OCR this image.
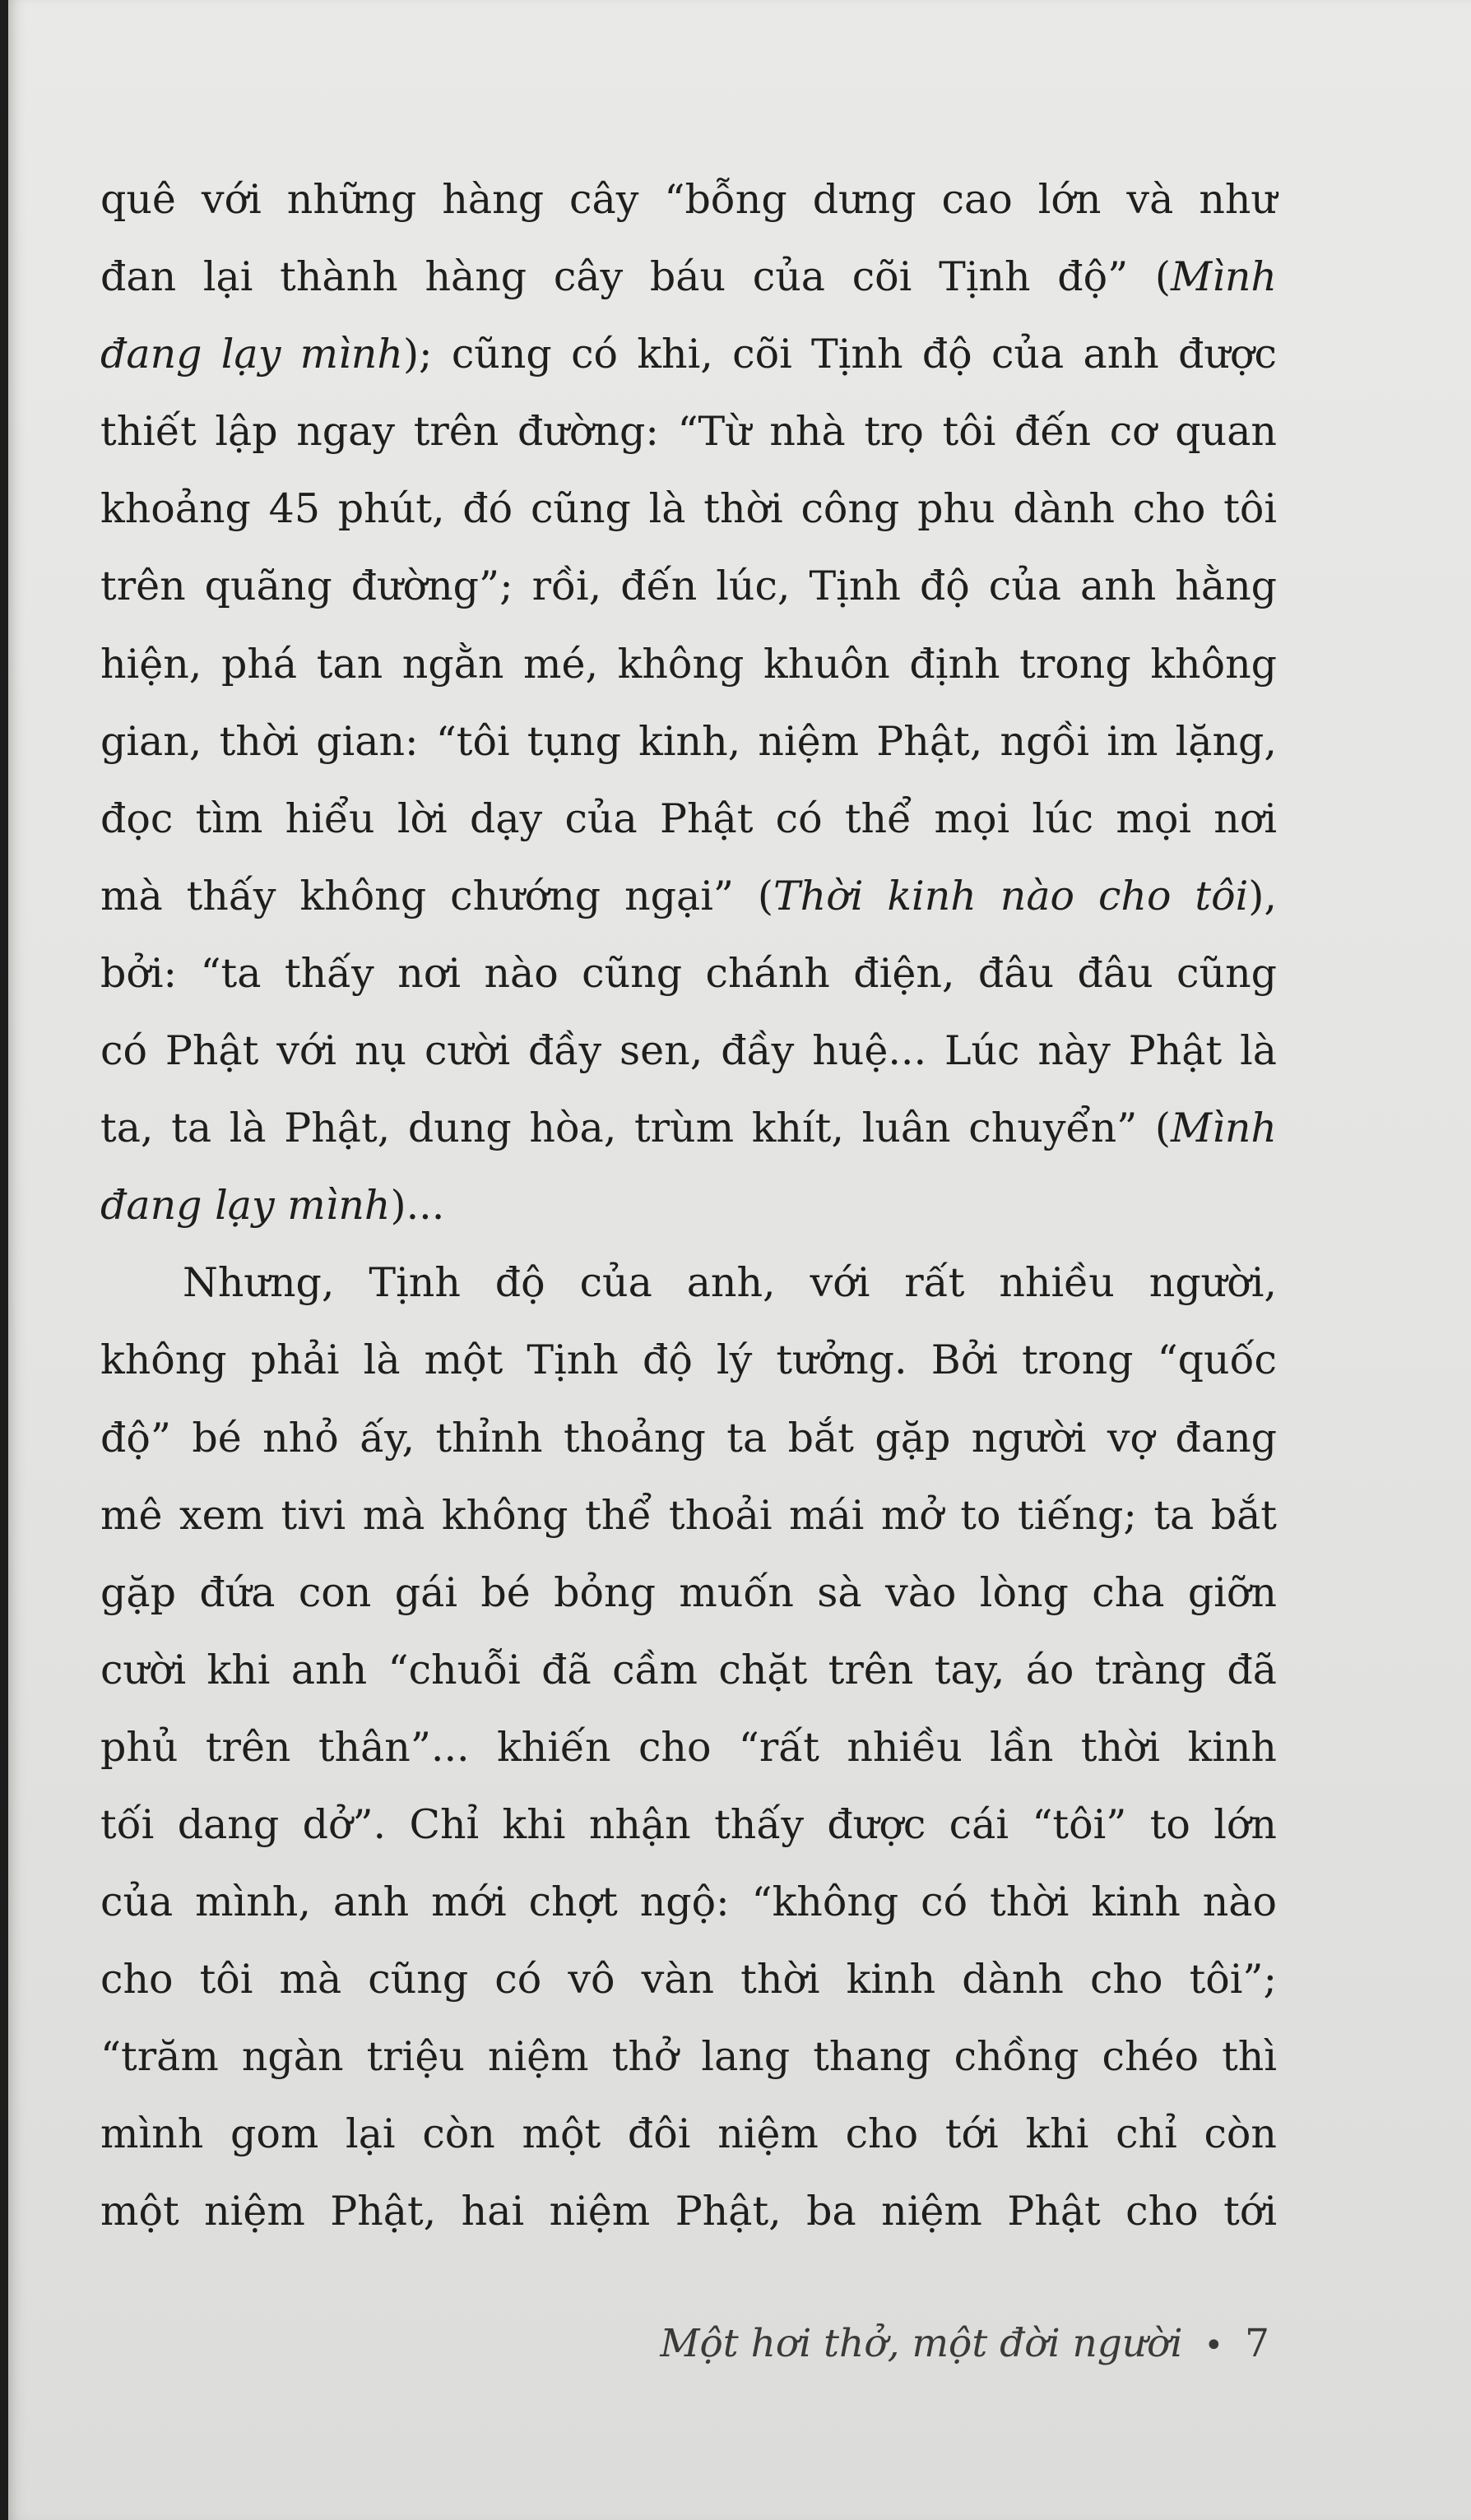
quê với những hàng cây “bỗng dưng cao lớn và như
đan lại thành hàng cây báu của cõi Tịnh độ” (Mình
đang lạy mình); cũng có khi, cõi Tịnh độ của anh được
thiết lập ngay trên đường: “Từ nhà trọ tôi đến cơ quan
khoảng 45 phút, đó cũng là thời công phu dành cho tôi
trên quãng đường”; rồi, đến lúc, Tịnh độ của anh hằng
hiện, phá tan ngằn mé, không khuôn định trong không
gian, thời gian: “tôi tụng kinh, niệm Phật, ngồi im lặng,
đọc tìm hiểu lời dạy của Phật có thể mọi lúc mọi nơi
mà thấy không chướng ngại” (Thời kinh nào cho tôi),
bởi: “ta thấy nơi nào cũng chánh điện, đâu đâu cũng
có Phật với nụ cười đầy sen, đầy huệ... Lúc này Phật là
ta, ta là Phật, dung hòa, trùm khít, luân chuyển” (Mình
đang lạy mình)...
Nhưng, Tịnh độ của anh, với rất nhiều người,
không phải là một Tịnh độ lý tưởng. Bởi trong “quốc
độ” bé nhỏ ấy, thỉnh thoảng ta bắt gặp người vợ đang
mê xem tivi mà không thể thoải mái mở to tiếng; ta bắt
gặp đứa con gái bé bỏng muốn sà vào lòng cha giỡn
cười khi anh “chuỗi đã cầm chặt trên tay, áo tràng đã
phủ trên thân”... khiến cho “rất nhiều lần thời kinh
tối dang dở”. Chỉ khi nhận thấy được cái “tôi” to lớn
của mình, anh mới chợt ngộ: “không có thời kinh nào
cho tôi mà cũng có vô vàn thời kinh dành cho tôi”;
“trăm ngàn triệu niệm thở lang thang chồng chéo thì
mình gom lại còn một đôi niệm cho tới khi chỉ còn
một niệm Phật, hai niệm Phật, ba niệm Phật cho tới
Một hơi thở, một đời người • 7
